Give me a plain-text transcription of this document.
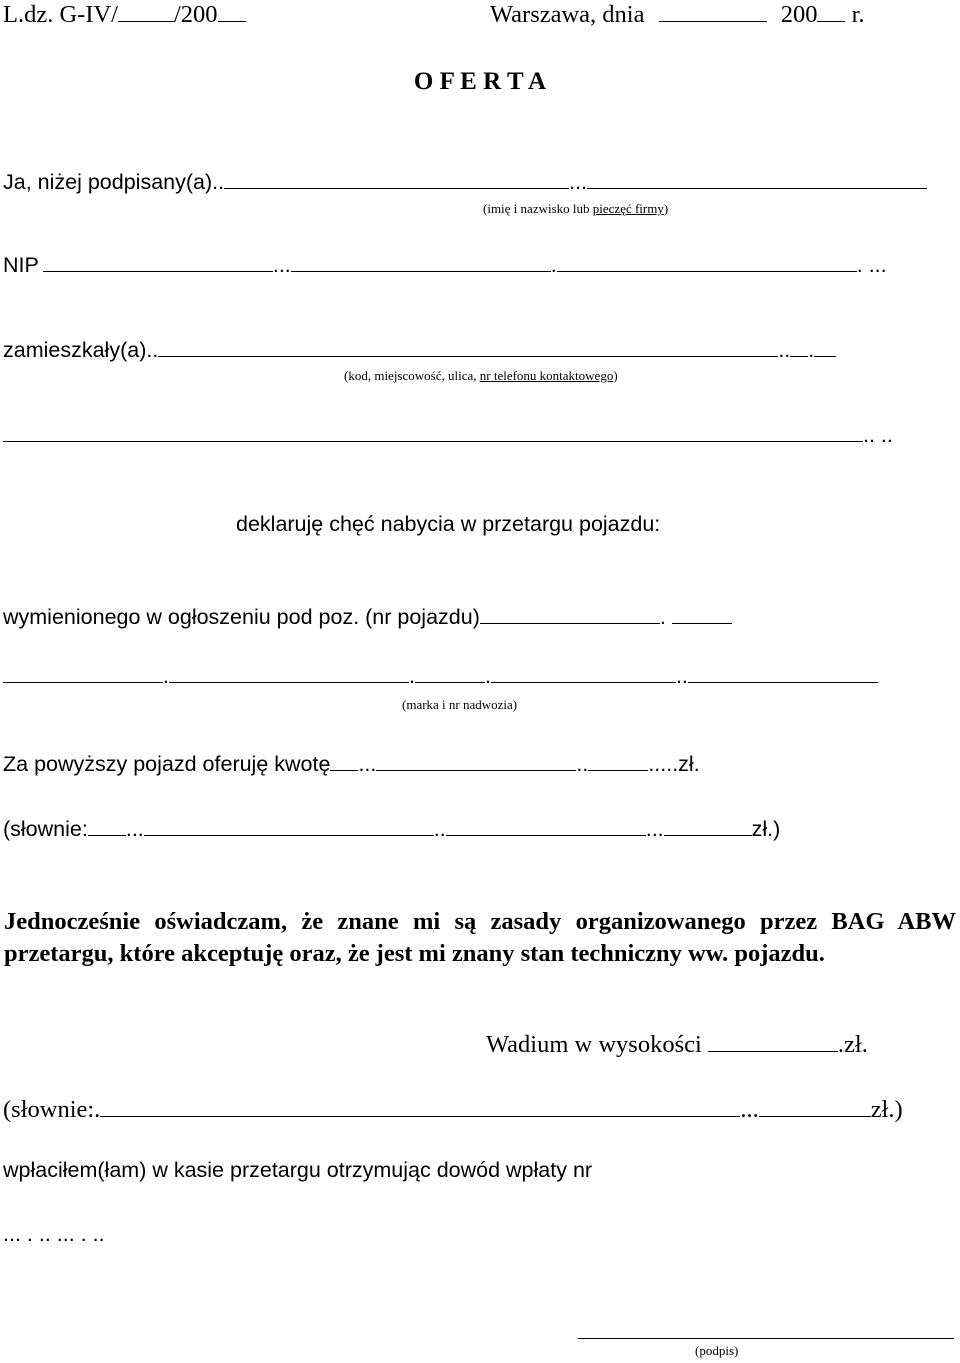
L.dz. G-IV/ /200	Warszawa, dnia	200 r.
O F E R T A
Ja, niżej podpisany(a)..	...
(imię i nazwisko lub pieczęć firmy)
NIP	...	.	. ...
zamieszkały(a)..	.. .
(kod, miejscowość, ulica, nr telefonu kontaktowego)
.. ..
deklaruję chęć nabycia w przetargu pojazdu:
wymienionego w ogłoszeniu pod poz. (nr pojazdu)	.
.	.	.	..
(marka i nr nadwozia)
Za powyższy pojazd oferuję kwotę ...	..	.....zł.
(słownie: ...	..	...	zł.)
Jednocześnie oświadczam, że znane mi są zasady organizowanego przez BAG ABW przetargu, które akceptuję oraz, że jest mi znany stan techniczny ww. pojazdu.
Wadium w wysokości	.zł.
(słownie:.	...	zł.)
wpłaciłem(łam) w kasie przetargu otrzymując dowód wpłaty nr
... . .. ... . ..
(podpis)
